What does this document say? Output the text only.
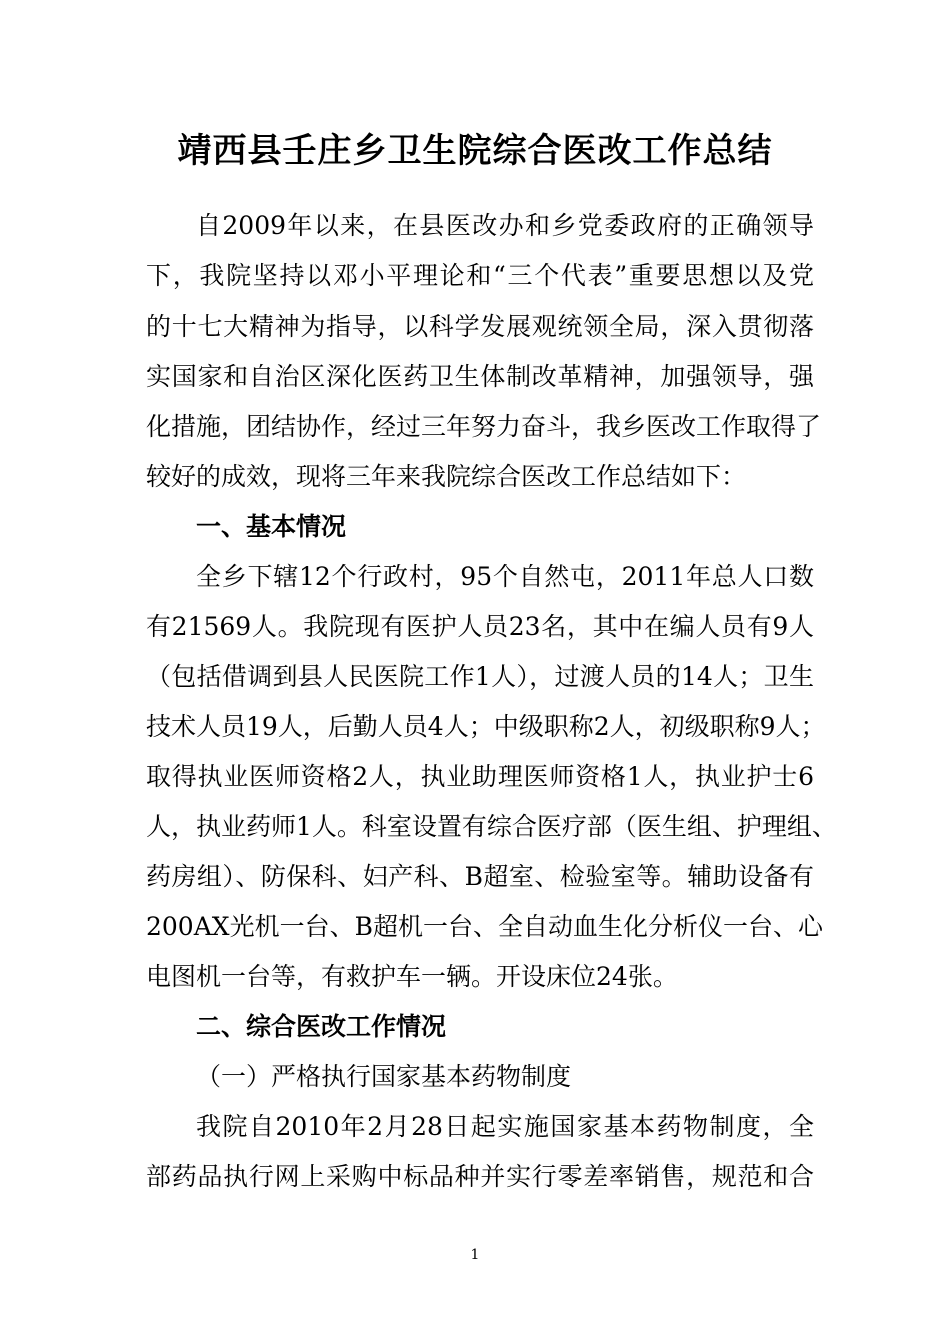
靖西县壬庄乡卫生院综合医改工作总结
自2009年以来，在县医改办和乡党委政府的正确领导
下，我院坚持以邓小平理论和“三个代表”重要思想以及党
的十七大精神为指导，以科学发展观统领全局，深入贯彻落
实国家和自治区深化医药卫生体制改革精神，加强领导，强
化措施，团结协作，经过三年努力奋斗，我乡医改工作取得了
较好的成效，现将三年来我院综合医改工作总结如下：
一、基本情况
全乡下辖12个行政村，95个自然屯，2011年总人口数
有21569人。我院现有医护人员23名，其中在编人员有9人
（包括借调到县人民医院工作1人），过渡人员的14人；卫生
技术人员19人，后勤人员4人；中级职称2人，初级职称9人；
取得执业医师资格2人，执业助理医师资格1人，执业护士6
人，执业药师1人。科室设置有综合医疗部（医生组、护理组、
药房组）、防保科、妇产科、B超室、检验室等。辅助设备有
200AX光机一台、B超机一台、全自动血生化分析仪一台、心
电图机一台等，有救护车一辆。开设床位24张。
二、综合医改工作情况
（一）严格执行国家基本药物制度
我院自2010年2月28日起实施国家基本药物制度，全
部药品执行网上采购中标品种并实行零差率销售，规范和合
1
